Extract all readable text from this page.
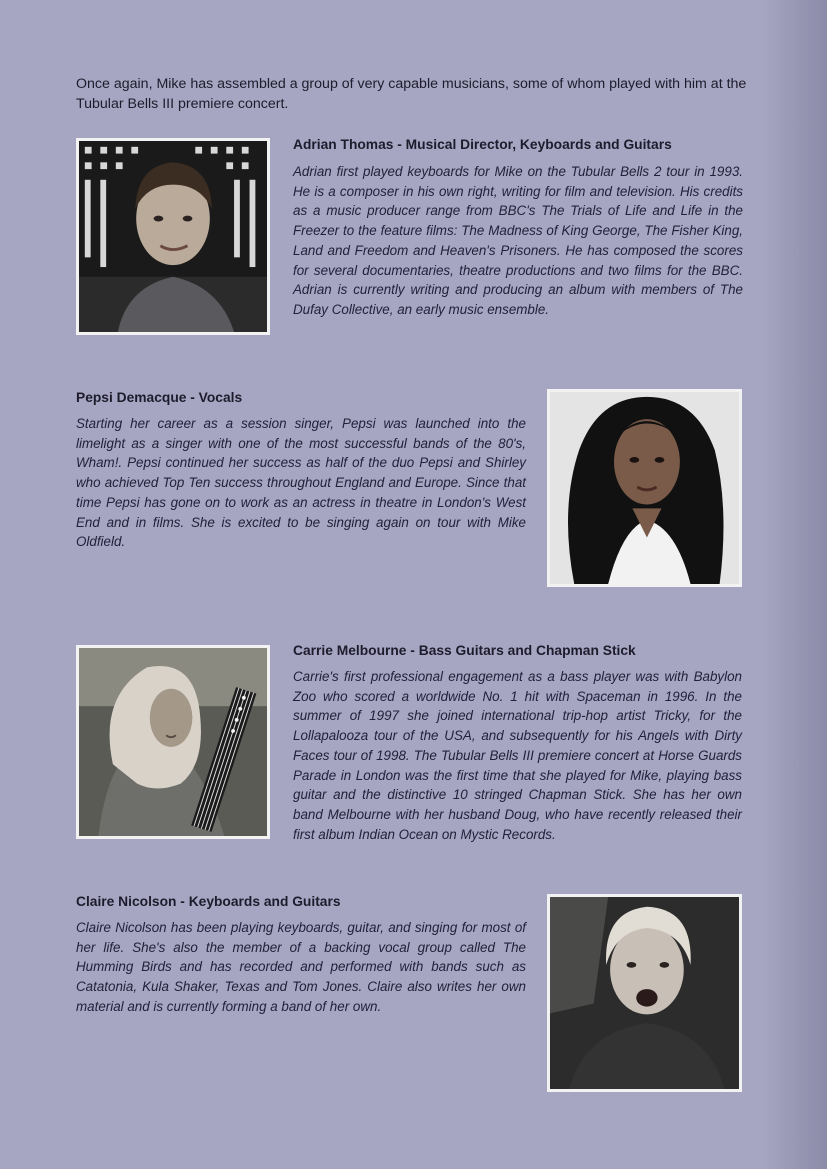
Once again, Mike has assembled a group of very capable musicians, some of whom played with him at the Tubular Bells III premiere concert.

Adrian Thomas - Musical Director, Keyboards and Guitars

Adrian first played keyboards for Mike on the Tubular Bells 2 tour in 1993. He is a composer in his own right, writing for film and television. His credits as a music producer range from BBC's The Trials of Life and Life in the Freezer to the feature films: The Madness of King George, The Fisher King, Land and Freedom and Heaven's Prisoners. He has composed the scores for several documentaries, theatre productions and two films for the BBC. Adrian is currently writing and producing an album with members of The Dufay Collective, an early music ensemble.

Pepsi Demacque - Vocals

Starting her career as a session singer, Pepsi was launched into the limelight as a singer with one of the most successful bands of the 80's, Wham!. Pepsi continued her success as half of the duo Pepsi and Shirley who achieved Top Ten success throughout England and Europe. Since that time Pepsi has gone on to work as an actress in theatre in London's West End and in films. She is excited to be singing again on tour with Mike Oldfield.

Carrie Melbourne - Bass Guitars and Chapman Stick

Carrie's first professional engagement as a bass player was with Babylon Zoo who scored a worldwide No. 1 hit with Spaceman in 1996. In the summer of 1997 she joined international trip-hop artist Tricky, for the Lollapalooza tour of the USA, and subsequently for his Angels with Dirty Faces tour of 1998. The Tubular Bells III premiere concert at Horse Guards Parade in London was the first time that she played for Mike, playing bass guitar and the distinctive 10 stringed Chapman Stick. She has her own band Melbourne with her husband Doug, who have recently released their first album Indian Ocean on Mystic Records.

Claire Nicolson - Keyboards and Guitars

Claire Nicolson has been playing keyboards, guitar, and singing for most of her life. She's also the member of a backing vocal group called The Humming Birds and has recorded and performed with bands such as Catatonia, Kula Shaker, Texas and Tom Jones. Claire also writes her own material and is currently forming a band of her own.
